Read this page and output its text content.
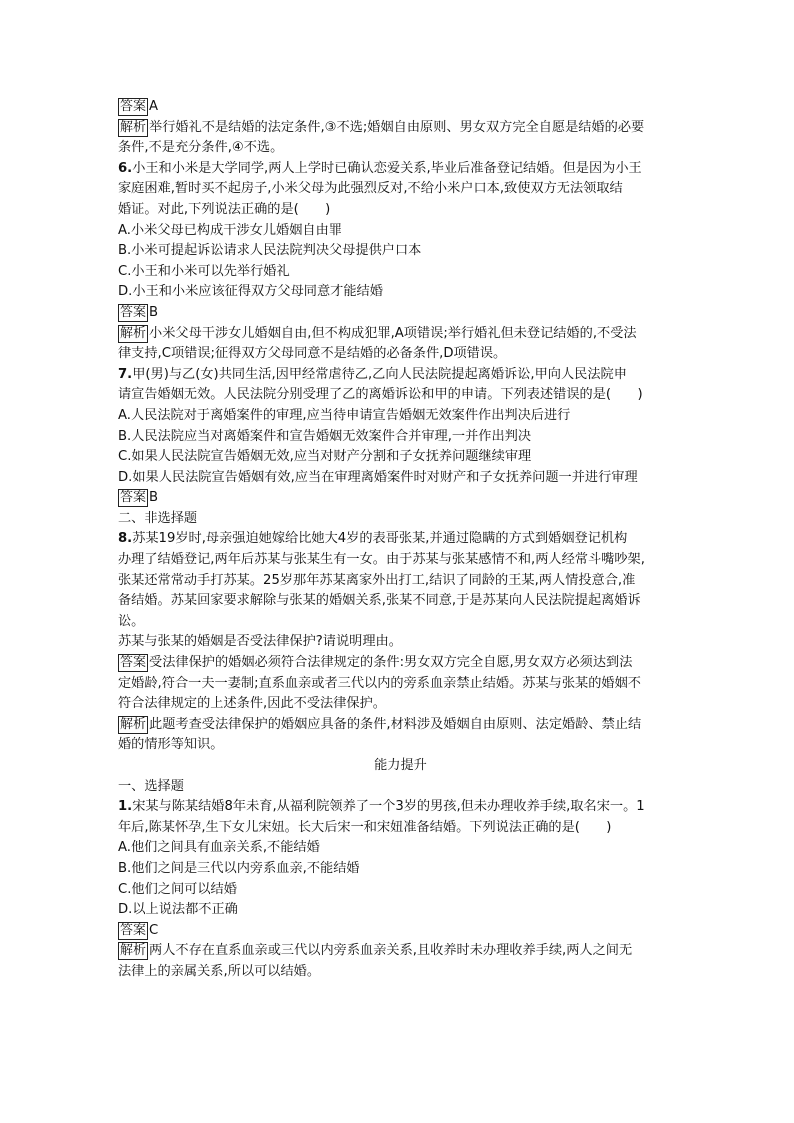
答案 A
解析 举行婚礼不是结婚的法定条件,③不选;婚姻自由原则、男女双方完全自愿是结婚的必要
条件,不是充分条件,④不选。
6.小王和小米是大学同学,两人上学时已确认恋爱关系,毕业后准备登记结婚。但是因为小王
家庭困难,暂时买不起房子,小米父母为此强烈反对,不给小米户口本,致使双方无法领取结
婚证。对此,下列说法正确的是(　　)
A.小米父母已构成干涉女儿婚姻自由罪
B.小米可提起诉讼请求人民法院判决父母提供户口本
C.小王和小米可以先举行婚礼
D.小王和小米应该征得双方父母同意才能结婚
答案 B
解析 小米父母干涉女儿婚姻自由,但不构成犯罪,A项错误;举行婚礼但未登记结婚的,不受法
律支持,C项错误;征得双方父母同意不是结婚的必备条件,D项错误。
7.甲(男)与乙(女)共同生活,因甲经常虐待乙,乙向人民法院提起离婚诉讼,甲向人民法院申
请宣告婚姻无效。人民法院分别受理了乙的离婚诉讼和甲的申请。下列表述错误的是(　　)
A.人民法院对于离婚案件的审理,应当待申请宣告婚姻无效案件作出判决后进行
B.人民法院应当对离婚案件和宣告婚姻无效案件合并审理,一并作出判决
C.如果人民法院宣告婚姻无效,应当对财产分割和子女抚养问题继续审理
D.如果人民法院宣告婚姻有效,应当在审理离婚案件时对财产和子女抚养问题一并进行审理
答案 B
二、非选择题
8.苏某19岁时,母亲强迫她嫁给比她大4岁的表哥张某,并通过隐瞒的方式到婚姻登记机构
办理了结婚登记,两年后苏某与张某生有一女。由于苏某与张某感情不和,两人经常斗嘴吵架,
张某还常常动手打苏某。25岁那年苏某离家外出打工,结识了同龄的王某,两人情投意合,准
备结婚。苏某回家要求解除与张某的婚姻关系,张某不同意,于是苏某向人民法院提起离婚诉
讼。
苏某与张某的婚姻是否受法律保护?请说明理由。
答案 受法律保护的婚姻必须符合法律规定的条件:男女双方完全自愿,男女双方必须达到法
定婚龄,符合一夫一妻制;直系血亲或者三代以内的旁系血亲禁止结婚。苏某与张某的婚姻不
符合法律规定的上述条件,因此不受法律保护。
解析 此题考查受法律保护的婚姻应具备的条件,材料涉及婚姻自由原则、法定婚龄、禁止结
婚的情形等知识。
能力提升
一、选择题
1.宋某与陈某结婚8年未育,从福利院领养了一个3岁的男孩,但未办理收养手续,取名宋一。1
年后,陈某怀孕,生下女儿宋妞。长大后宋一和宋妞准备结婚。下列说法正确的是(　　)
A.他们之间具有血亲关系,不能结婚
B.他们之间是三代以内旁系血亲,不能结婚
C.他们之间可以结婚
D.以上说法都不正确
答案 C
解析 两人不存在直系血亲或三代以内旁系血亲关系,且收养时未办理收养手续,两人之间无
法律上的亲属关系,所以可以结婚。
